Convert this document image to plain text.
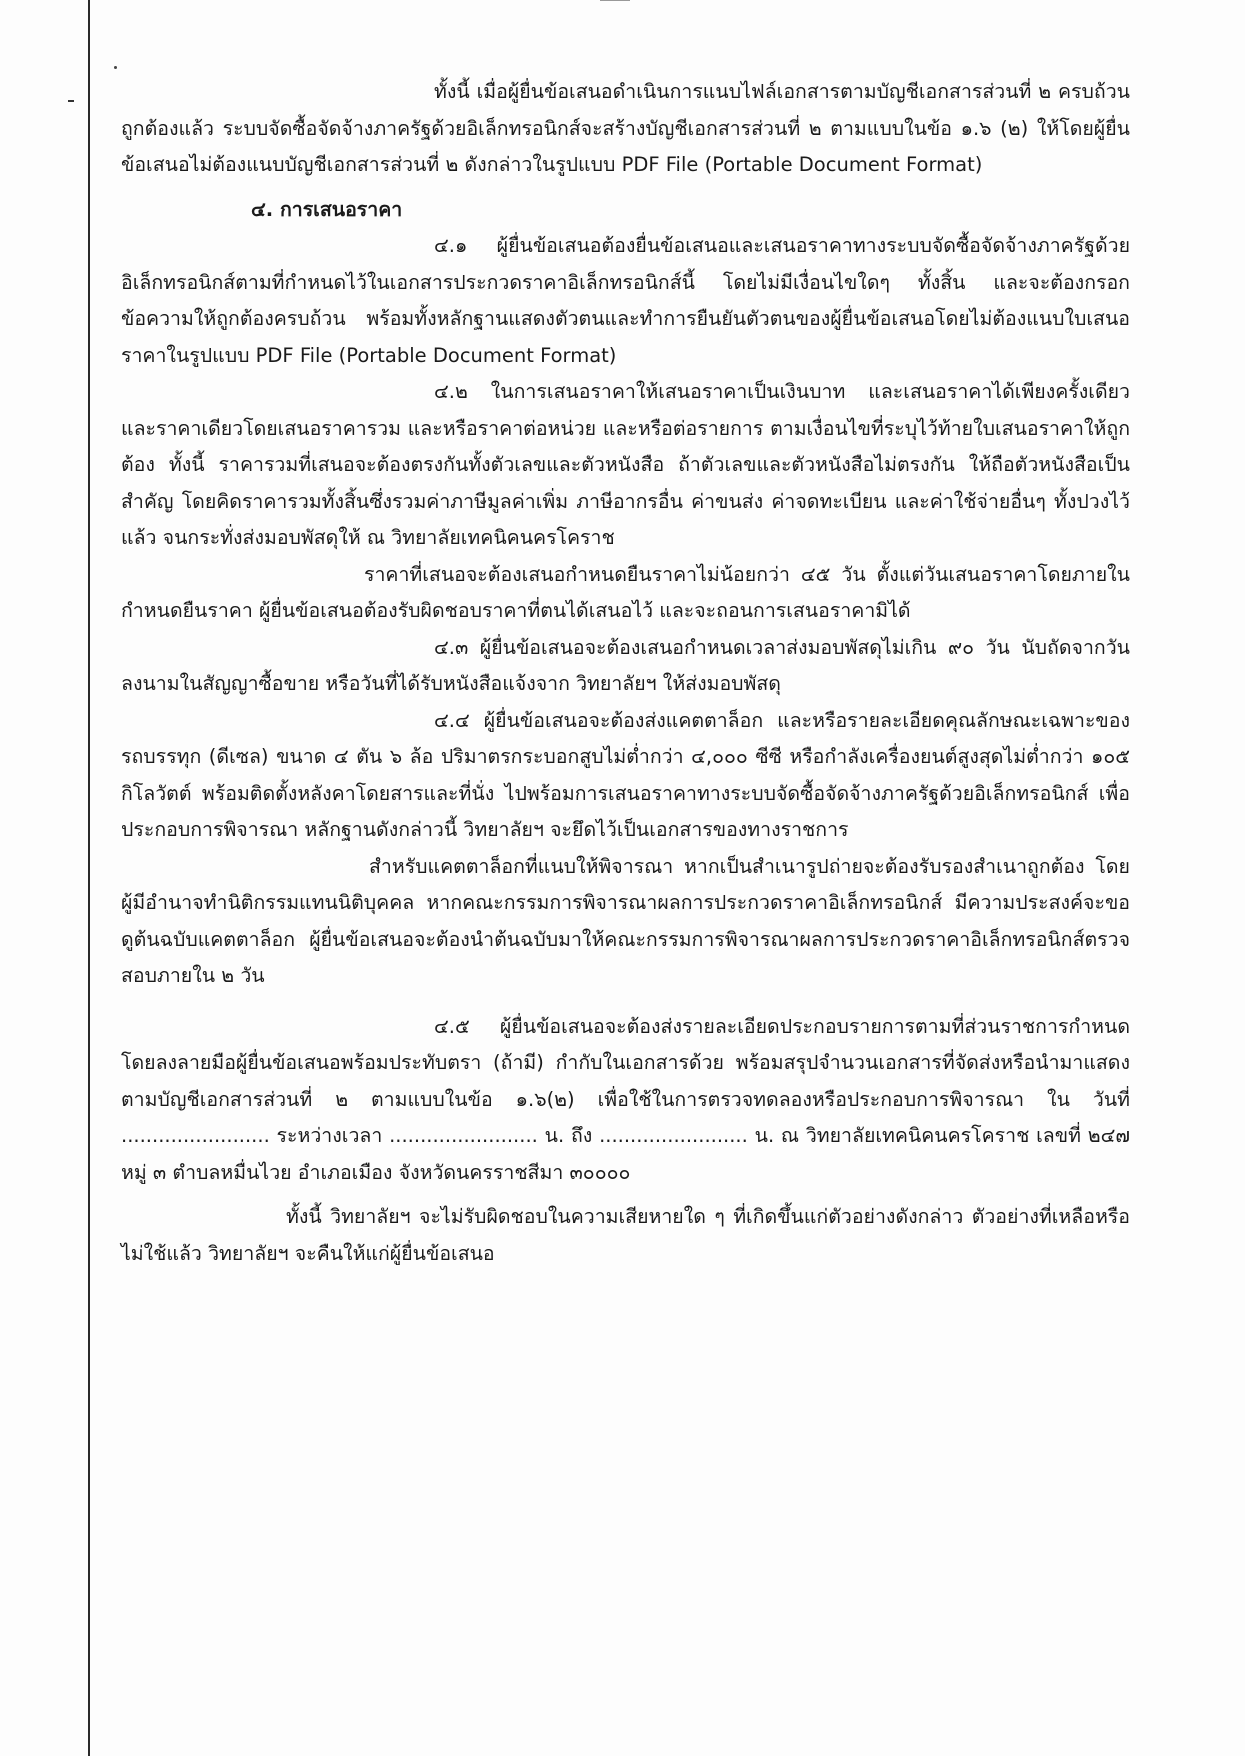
ทั้งนี้ เมื่อผู้ยื่นข้อเสนอดำเนินการแนบไฟล์เอกสารตามบัญชีเอกสารส่วนที่ ๒ ครบถ้วน ถูกต้องแล้ว ระบบจัดซื้อจัดจ้างภาครัฐด้วยอิเล็กทรอนิกส์จะสร้างบัญชีเอกสารส่วนที่ ๒ ตามแบบในข้อ ๑.๖ (๒) ให้โดยผู้ยื่นข้อเสนอไม่ต้องแนบบัญชีเอกสารส่วนที่ ๒ ดังกล่าวในรูปแบบ PDF File (Portable Document Format)

๔. การเสนอราคา

๔.๑ ผู้ยื่นข้อเสนอต้องยื่นข้อเสนอและเสนอราคาทางระบบจัดซื้อจัดจ้างภาครัฐด้วยอิเล็กทรอนิกส์ตามที่กำหนดไว้ในเอกสารประกวดราคาอิเล็กทรอนิกส์นี้ โดยไม่มีเงื่อนไขใดๆ ทั้งสิ้น และจะต้องกรอกข้อความให้ถูกต้องครบถ้วน พร้อมทั้งหลักฐานแสดงตัวตนและทำการยืนยันตัวตนของผู้ยื่นข้อเสนอโดยไม่ต้องแนบใบเสนอราคาในรูปแบบ PDF File (Portable Document Format)

๔.๒ ในการเสนอราคาให้เสนอราคาเป็นเงินบาท และเสนอราคาได้เพียงครั้งเดียวและราคาเดียวโดยเสนอราคารวม และหรือราคาต่อหน่วย และหรือต่อรายการ ตามเงื่อนไขที่ระบุไว้ท้ายใบเสนอราคาให้ถูกต้อง ทั้งนี้ ราคารวมที่เสนอจะต้องตรงกันทั้งตัวเลขและตัวหนังสือ ถ้าตัวเลขและตัวหนังสือไม่ตรงกัน ให้ถือตัวหนังสือเป็นสำคัญ โดยคิดราคารวมทั้งสิ้นซึ่งรวมค่าภาษีมูลค่าเพิ่ม ภาษีอากรอื่น ค่าขนส่ง ค่าจดทะเบียน และค่าใช้จ่ายอื่นๆ ทั้งปวงไว้แล้ว จนกระทั่งส่งมอบพัสดุให้ ณ วิทยาลัยเทคนิคนครโคราช

ราคาที่เสนอจะต้องเสนอกำหนดยืนราคาไม่น้อยกว่า ๔๕ วัน ตั้งแต่วันเสนอราคาโดยภายในกำหนดยืนราคา ผู้ยื่นข้อเสนอต้องรับผิดชอบราคาที่ตนได้เสนอไว้ และจะถอนการเสนอราคามิได้

๔.๓ ผู้ยื่นข้อเสนอจะต้องเสนอกำหนดเวลาส่งมอบพัสดุไม่เกิน ๙๐ วัน นับถัดจากวันลงนามในสัญญาซื้อขาย หรือวันที่ได้รับหนังสือแจ้งจาก วิทยาลัยฯ ให้ส่งมอบพัสดุ

๔.๔ ผู้ยื่นข้อเสนอจะต้องส่งแคตตาล็อก และหรือรายละเอียดคุณลักษณะเฉพาะของ รถบรรทุก (ดีเซล) ขนาด ๔ ตัน ๖ ล้อ ปริมาตรกระบอกสูบไม่ต่ำกว่า ๔,๐๐๐ ซีซี หรือกำลังเครื่องยนต์สูงสุดไม่ต่ำกว่า ๑๐๕ กิโลวัตต์ พร้อมติดตั้งหลังคาโดยสารและที่นั่ง ไปพร้อมการเสนอราคาทางระบบจัดซื้อจัดจ้างภาครัฐด้วยอิเล็กทรอนิกส์ เพื่อประกอบการพิจารณา หลักฐานดังกล่าวนี้ วิทยาลัยฯ จะยึดไว้เป็นเอกสารของทางราชการ

สำหรับแคตตาล็อกที่แนบให้พิจารณา หากเป็นสำเนารูปถ่ายจะต้องรับรองสำเนาถูกต้อง โดยผู้มีอำนาจทำนิติกรรมแทนนิติบุคคล หากคณะกรรมการพิจารณาผลการประกวดราคาอิเล็กทรอนิกส์ มีความประสงค์จะขอดูต้นฉบับแคตตาล็อก ผู้ยื่นข้อเสนอจะต้องนำต้นฉบับมาให้คณะกรรมการพิจารณาผลการประกวดราคาอิเล็กทรอนิกส์ตรวจสอบภายใน ๒ วัน

๔.๕ ผู้ยื่นข้อเสนอจะต้องส่งรายละเอียดประกอบรายการตามที่ส่วนราชการกำหนด โดยลงลายมือผู้ยื่นข้อเสนอพร้อมประทับตรา (ถ้ามี) กำกับในเอกสารด้วย พร้อมสรุปจำนวนเอกสารที่จัดส่งหรือนำมาแสดงตามบัญชีเอกสารส่วนที่ ๒ ตามแบบในข้อ ๑.๖(๒) เพื่อใช้ในการตรวจทดลองหรือประกอบการพิจารณา ใน วันที่ ........................ ระหว่างเวลา ........................ น. ถึง ........................ น. ณ วิทยาลัยเทคนิคนครโคราช เลขที่ ๒๔๗ หมู่ ๓ ตำบลหมื่นไวย อำเภอเมือง จังหวัดนครราชสีมา ๓๐๐๐๐

ทั้งนี้ วิทยาลัยฯ จะไม่รับผิดชอบในความเสียหายใด ๆ ที่เกิดขึ้นแก่ตัวอย่างดังกล่าว ตัวอย่างที่เหลือหรือไม่ใช้แล้ว วิทยาลัยฯ จะคืนให้แก่ผู้ยื่นข้อเสนอ
